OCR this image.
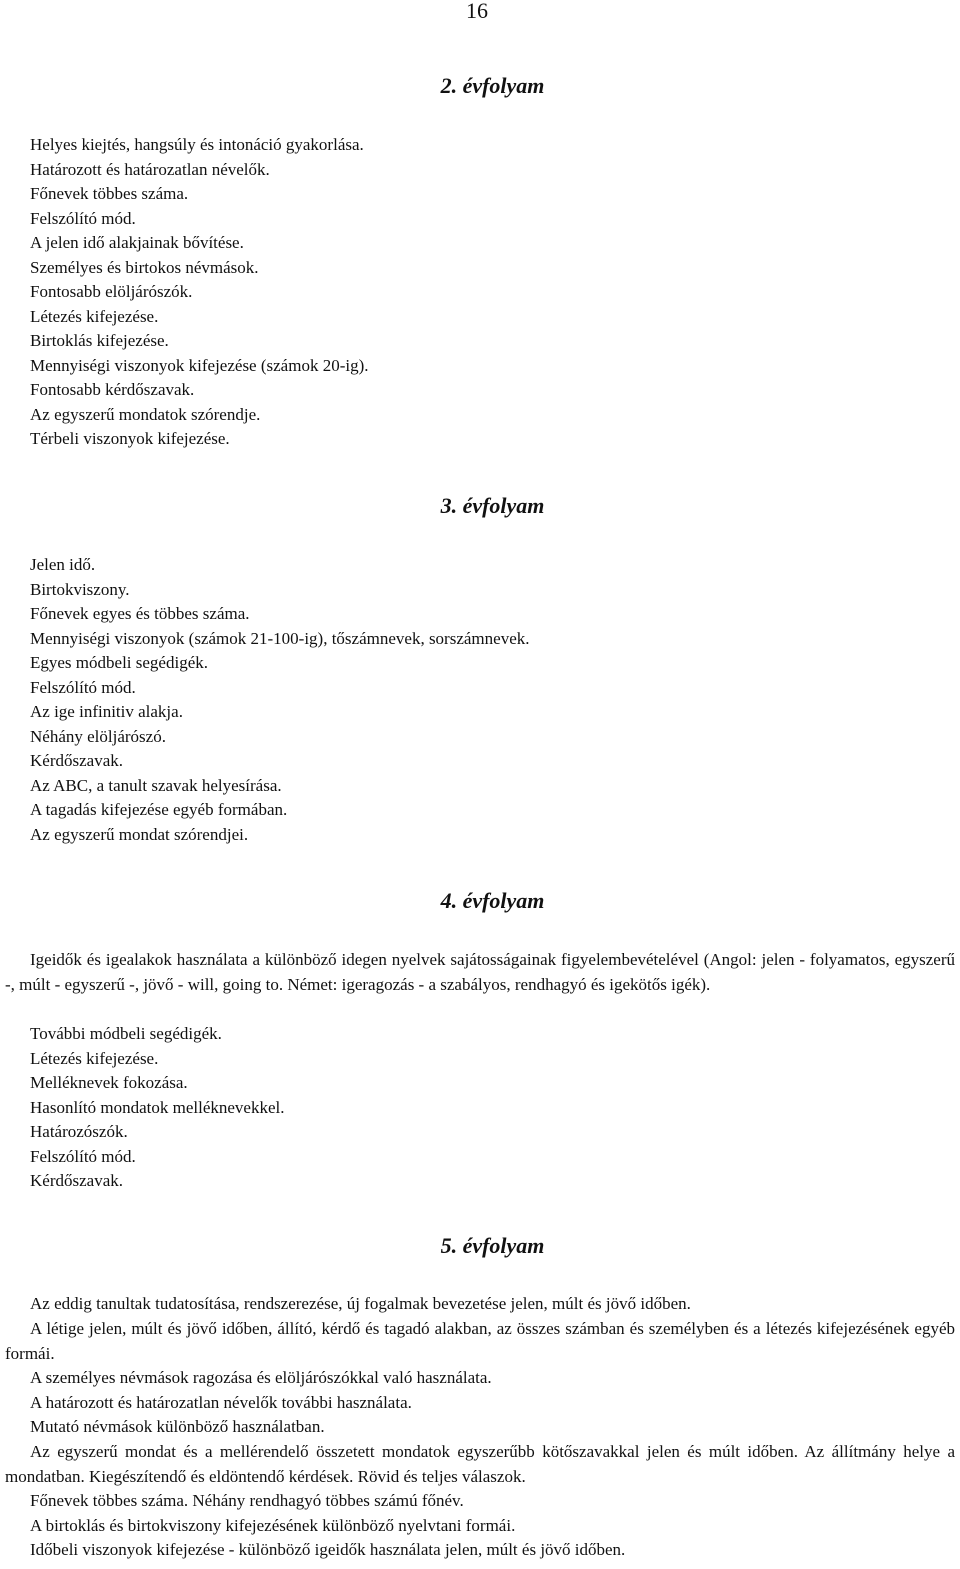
16
2. évfolyam
Helyes kiejtés, hangsúly és intonáció gyakorlása.
Határozott és határozatlan névelők.
Főnevek többes száma.
Felszólító mód.
A jelen idő alakjainak bővítése.
Személyes és birtokos névmások.
Fontosabb elöljárószók.
Létezés kifejezése.
Birtoklás kifejezése.
Mennyiségi viszonyok kifejezése (számok 20-ig).
Fontosabb kérdőszavak.
Az egyszerű mondatok szórendje.
Térbeli viszonyok kifejezése.
3. évfolyam
Jelen idő.
Birtokviszony.
Főnevek egyes és többes száma.
Mennyiségi viszonyok (számok 21-100-ig), tőszámnevek, sorszámnevek.
Egyes módbeli segédigék.
Felszólító mód.
Az ige infinitiv alakja.
Néhány elöljárószó.
Kérdőszavak.
Az ABC, a tanult szavak helyesírása.
A tagadás kifejezése egyéb formában.
Az egyszerű mondat szórendjei.
4. évfolyam

Igeidők és igealakok használata a különböző idegen nyelvek sajátosságainak figyelembevételével (Angol: jelen - folyamatos, egyszerű -, múlt - egyszerű -, jövő - will, going to. Német: igeragozás - a szabályos, rendhagyó és igekötős igék).

További módbeli segédigék.
Létezés kifejezése.
Melléknevek fokozása.
Hasonlító mondatok melléknevekkel.
Határozószók.
Felszólító mód.
Kérdőszavak.
5. évfolyam

Az eddig tanultak tudatosítása, rendszerezése, új fogalmak bevezetése jelen, múlt és jövő időben.

A létige jelen, múlt és jövő időben, állító, kérdő és tagadó alakban, az összes számban és személyben és a létezés kifejezésének egyéb formái.

A személyes névmások ragozása és elöljárószókkal való használata.

A határozott és határozatlan névelők további használata.

Mutató névmások különböző használatban.

Az egyszerű mondat és a mellérendelő összetett mondatok egyszerűbb kötőszavakkal jelen és múlt időben. Az állítmány helye a mondatban. Kiegészítendő és eldöntendő kérdések. Rövid és teljes válaszok.

Főnevek többes száma. Néhány rendhagyó többes számú főnév.

A birtoklás és birtokviszony kifejezésének különböző nyelvtani formái.

Időbeli viszonyok kifejezése - különböző igeidők használata jelen, múlt és jövő időben.
